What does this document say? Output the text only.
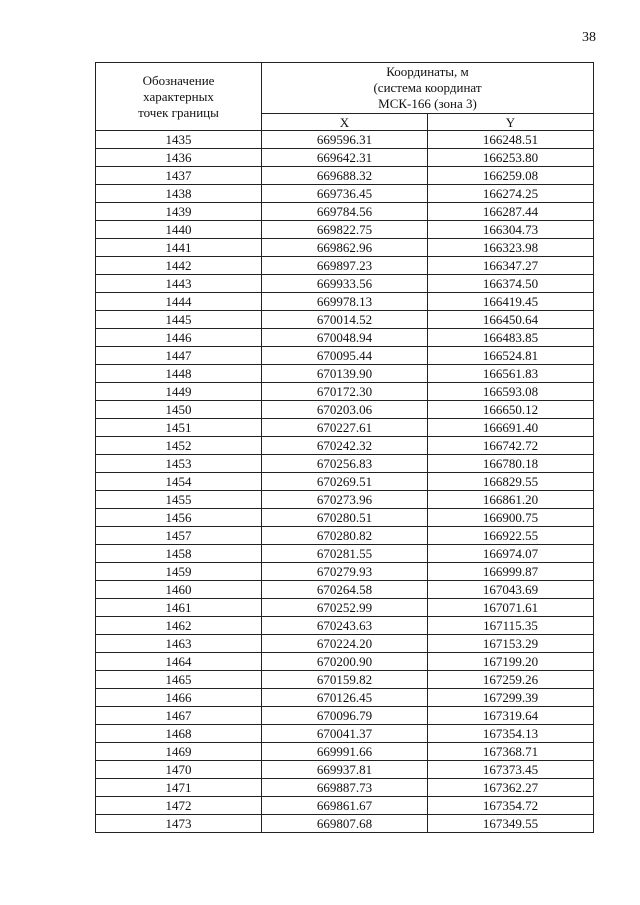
38
Обозначение
характерных
точек границы	Координаты, м
(система координат
МСК-166 (зона 3)	
	X	Y
1435	669596.31	166248.51
1436	669642.31	166253.80
1437	669688.32	166259.08
1438	669736.45	166274.25
1439	669784.56	166287.44
1440	669822.75	166304.73
1441	669862.96	166323.98
1442	669897.23	166347.27
1443	669933.56	166374.50
1444	669978.13	166419.45
1445	670014.52	166450.64
1446	670048.94	166483.85
1447	670095.44	166524.81
1448	670139.90	166561.83
1449	670172.30	166593.08
1450	670203.06	166650.12
1451	670227.61	166691.40
1452	670242.32	166742.72
1453	670256.83	166780.18
1454	670269.51	166829.55
1455	670273.96	166861.20
1456	670280.51	166900.75
1457	670280.82	166922.55
1458	670281.55	166974.07
1459	670279.93	166999.87
1460	670264.58	167043.69
1461	670252.99	167071.61
1462	670243.63	167115.35
1463	670224.20	167153.29
1464	670200.90	167199.20
1465	670159.82	167259.26
1466	670126.45	167299.39
1467	670096.79	167319.64
1468	670041.37	167354.13
1469	669991.66	167368.71
1470	669937.81	167373.45
1471	669887.73	167362.27
1472	669861.67	167354.72
1473	669807.68	167349.55
